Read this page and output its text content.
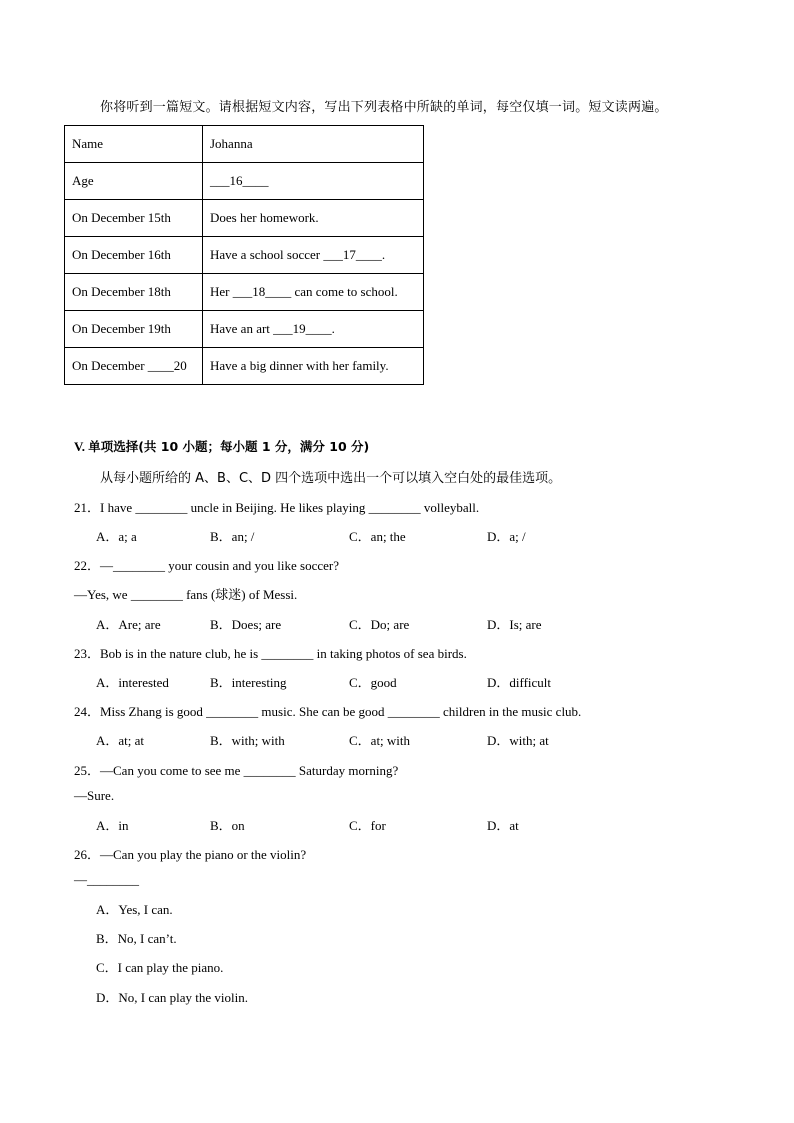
你将听到一篇短文。请根据短文内容，写出下列表格中所缺的单词，每空仅填一词。短文读两遍。
Name	Johanna
Age	___16____
On December 15th	Does her homework.
On December 16th	Have a school soccer ___17____.
On December 18th	Her ___18____ can come to school.
On December 19th	Have an art ___19____.
On December ____20	Have a big dinner with her family.
V. 单项选择(共 10 小题；每小题 1 分，满分 10 分)
从每小题所给的 A、B、C、D 四个选项中选出一个可以填入空白处的最佳选项。
21．I have ________ uncle in Beijing. He likes playing ________ volleyball.
A．a; a	B．an; /	C．an; the	D．a; /
22．—________ your cousin and you like soccer?
—Yes, we ________ fans (球迷) of Messi.
A．Are; are	B．Does; are	C．Do; are	D．Is; are
23．Bob is in the nature club, he is ________ in taking photos of sea birds.
A．interested	B．interesting	C．good	D．difficult
24．Miss Zhang is good ________ music. She can be good ________ children in the music club.
A．at; at	B．with; with	C．at; with	D．with; at
25．—Can you come to see me ________ Saturday morning?
—Sure.
A．in	B．on	C．for	D．at
26．—Can you play the piano or the violin?
—________
A．Yes, I can.
B．No, I can’t.
C．I can play the piano.
D．No, I can play the violin.
